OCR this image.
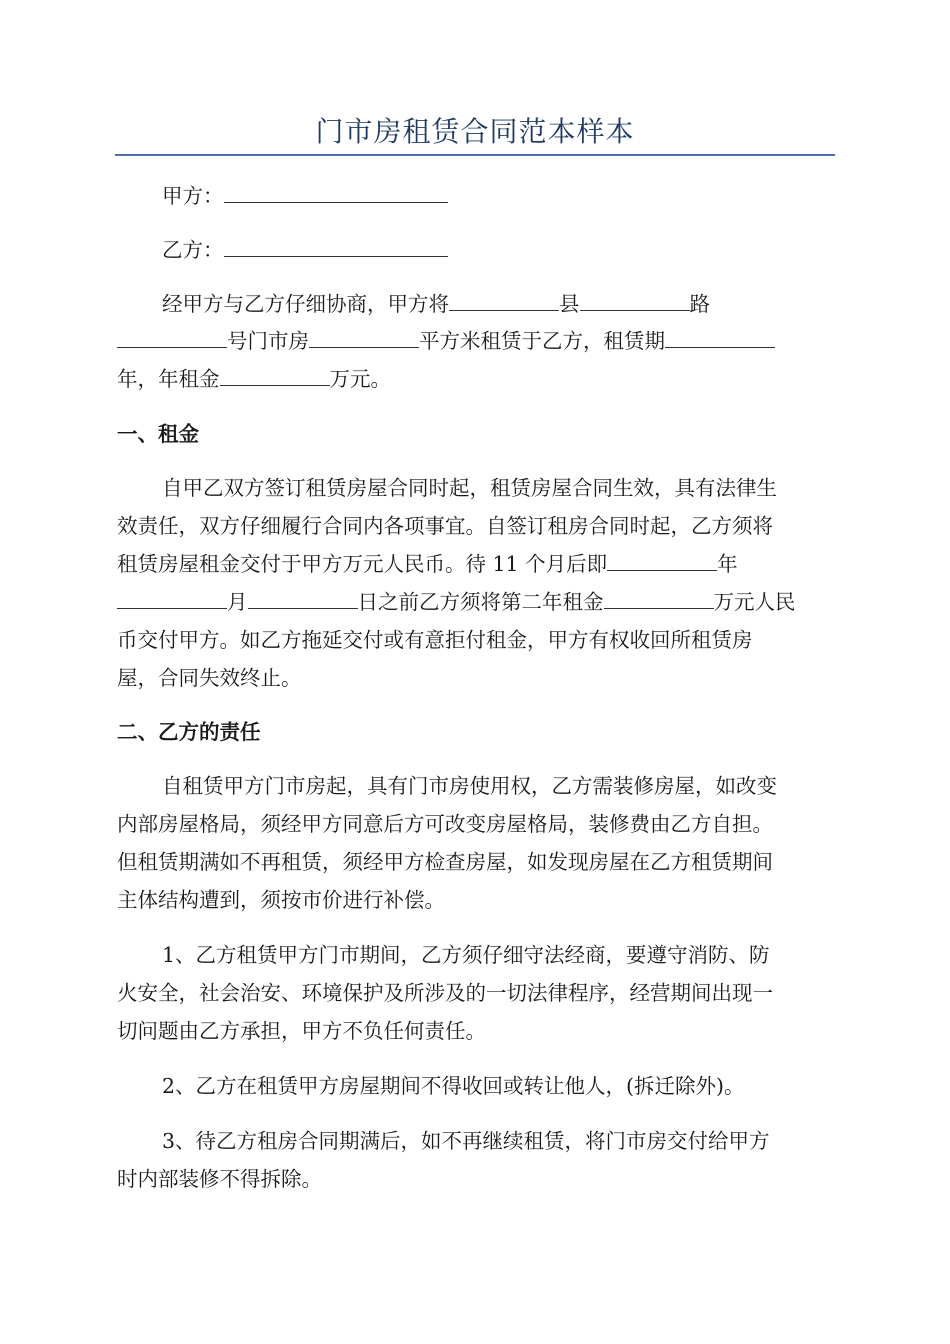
门市房租赁合同范本样本
甲方：
乙方：
经甲方与乙方仔细协商，甲方将	县	路
号门市房	平方米租赁于乙方，租赁期
年，年租金	万元。
一、租金
自甲乙双方签订租赁房屋合同时起，租赁房屋合同生效，具有法律生
效责任，双方仔细履行合同内各项事宜。自签订租房合同时起，乙方须将
租赁房屋租金交付于甲方万元人民币。待 11 个月后即	年
月	日之前乙方须将第二年租金	万元人民
币交付甲方。如乙方拖延交付或有意拒付租金，甲方有权收回所租赁房
屋，合同失效终止。
二、乙方的责任
自租赁甲方门市房起，具有门市房使用权，乙方需装修房屋，如改变
内部房屋格局，须经甲方同意后方可改变房屋格局，装修费由乙方自担。
但租赁期满如不再租赁，须经甲方检查房屋，如发现房屋在乙方租赁期间
主体结构遭到，须按市价进行补偿。
1、乙方租赁甲方门市期间，乙方须仔细守法经商，要遵守消防、防
火安全，社会治安、环境保护及所涉及的一切法律程序，经营期间出现一
切问题由乙方承担，甲方不负任何责任。
2、乙方在租赁甲方房屋期间不得收回或转让他人，(拆迁除外)。
3、待乙方租房合同期满后，如不再继续租赁，将门市房交付给甲方
时内部装修不得拆除。
